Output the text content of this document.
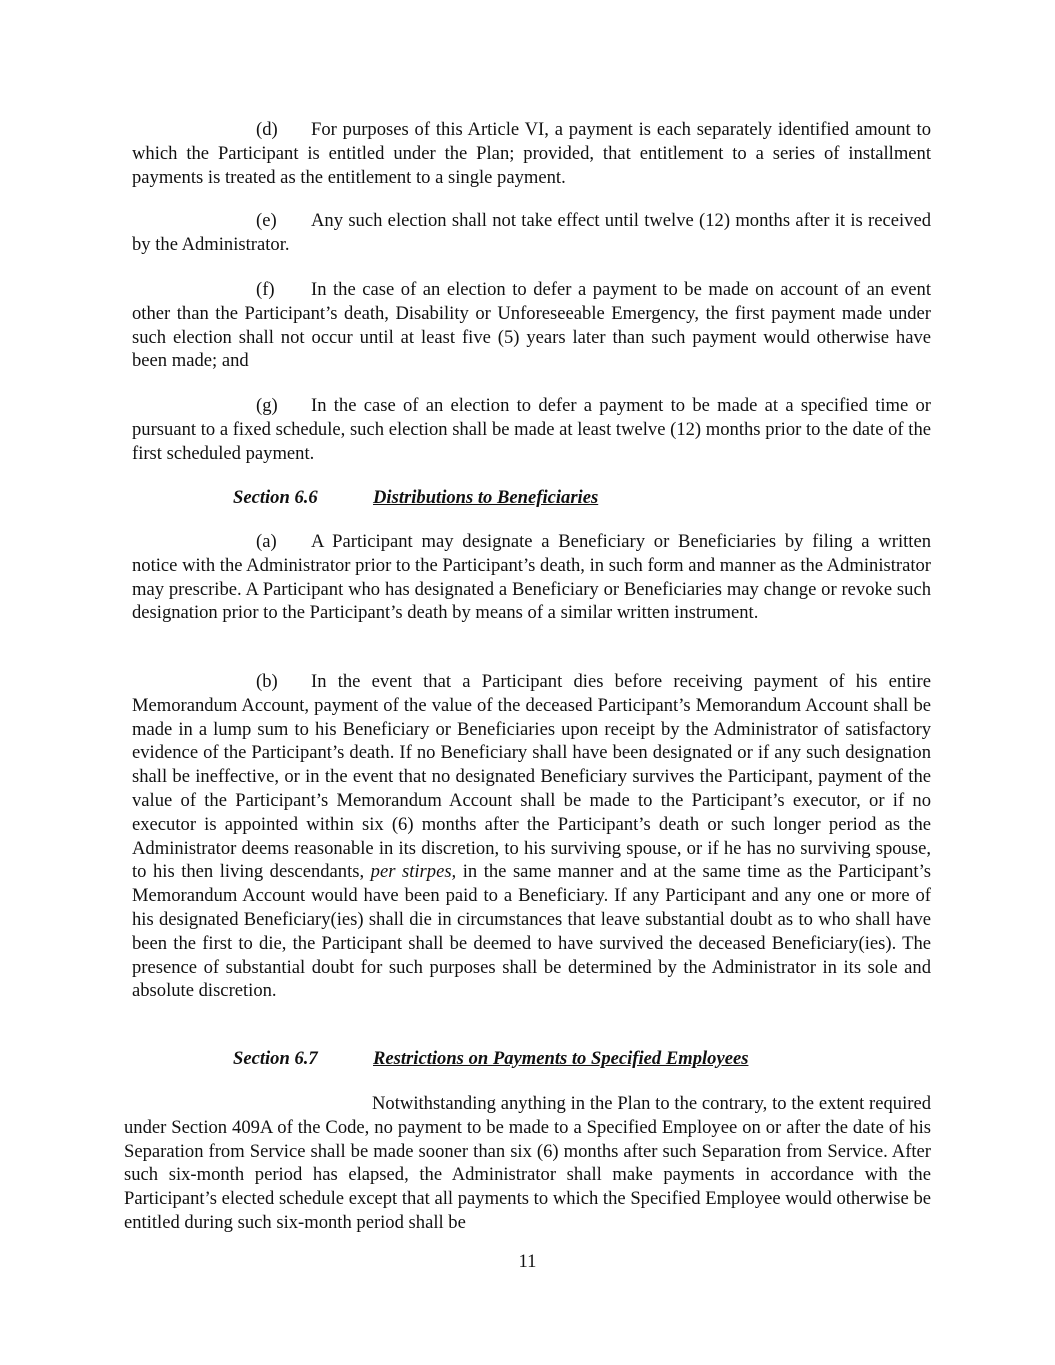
(d) For purposes of this Article VI, a payment is each separately identified amount to which the Participant is entitled under the Plan; provided, that entitlement to a series of installment payments is treated as the entitlement to a single payment.

(e) Any such election shall not take effect until twelve (12) months after it is received by the Administrator.

(f) In the case of an election to defer a payment to be made on account of an event other than the Participant’s death, Disability or Unforeseeable Emergency, the first payment made under such election shall not occur until at least five (5) years later than such payment would otherwise have been made; and

(g) In the case of an election to defer a payment to be made at a specified time or pursuant to a fixed schedule, such election shall be made at least twelve (12) months prior to the date of the first scheduled payment.

Section 6.6	Distributions to Beneficiaries

(a) A Participant may designate a Beneficiary or Beneficiaries by filing a written notice with the Administrator prior to the Participant’s death, in such form and manner as the Administrator may prescribe. A Participant who has designated a Beneficiary or Beneficiaries may change or revoke such designation prior to the Participant’s death by means of a similar written instrument.

(b) In the event that a Participant dies before receiving payment of his entire Memorandum Account, payment of the value of the deceased Participant’s Memorandum Account shall be made in a lump sum to his Beneficiary or Beneficiaries upon receipt by the Administrator of satisfactory evidence of the Participant’s death. If no Beneficiary shall have been designated or if any such designation shall be ineffective, or in the event that no designated Beneficiary survives the Participant, payment of the value of the Participant’s Memorandum Account shall be made to the Participant’s executor, or if no executor is appointed within six (6) months after the Participant’s death or such longer period as the Administrator deems reasonable in its discretion, to his surviving spouse, or if he has no surviving spouse, to his then living descendants, per stirpes, in the same manner and at the same time as the Participant’s Memorandum Account would have been paid to a Beneficiary. If any Participant and any one or more of his designated Beneficiary(ies) shall die in circumstances that leave substantial doubt as to who shall have been the first to die, the Participant shall be deemed to have survived the deceased Beneficiary(ies). The presence of substantial doubt for such purposes shall be determined by the Administrator in its sole and absolute discretion.

Section 6.7	Restrictions on Payments to Specified Employees

Notwithstanding anything in the Plan to the contrary, to the extent required under Section 409A of the Code, no payment to be made to a Specified Employee on or after the date of his Separation from Service shall be made sooner than six (6) months after such Separation from Service. After such six-month period has elapsed, the Administrator shall make payments in accordance with the Participant’s elected schedule except that all payments to which the Specified Employee would otherwise be entitled during such six-month period shall be

11
